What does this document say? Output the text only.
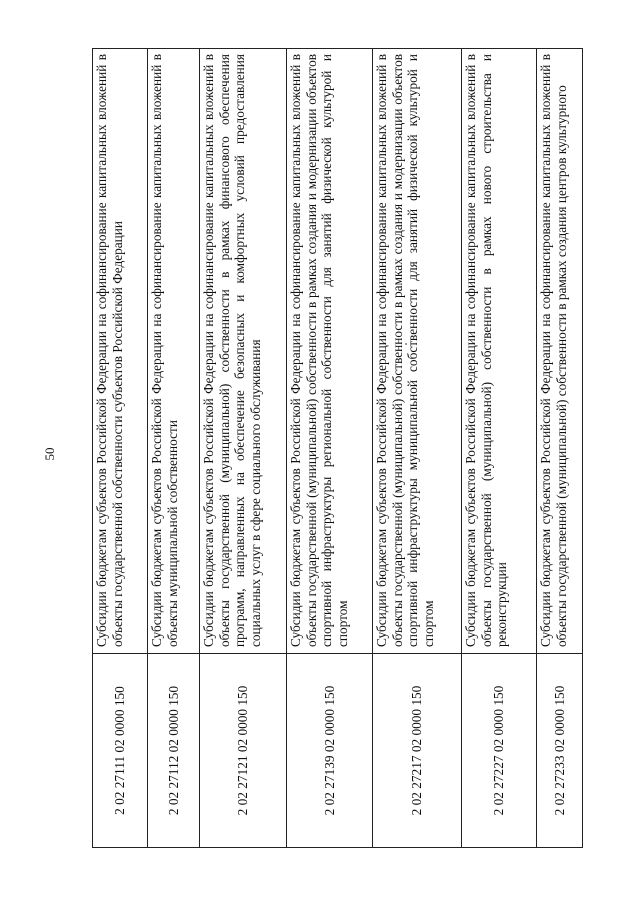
50
2 02 27111 02 0000 150	Субсидии бюджетам субъектов Российской Федерации на софинансирование капитальных вложений в объекты государственной собственности субъектов Российской Федерации
2 02 27112 02 0000 150	Субсидии бюджетам субъектов Российской Федерации на софинансирование капитальных вложений в объекты муниципальной собственности
2 02 27121 02 0000 150	Субсидии бюджетам субъектов Российской Федерации на софинансирование капитальных вложений в объекты государственной (муниципальной) собственности в рамках финансового обеспечения программ, направленных на обеспечение безопасных и комфортных условий предоставления социальных услуг в сфере социального обслуживания
2 02 27139 02 0000 150	Субсидии бюджетам субъектов Российской Федерации на софинансирование капитальных вложений в объекты государственной (муниципальной) собственности в рамках создания и модернизации объектов спортивной инфраструктуры региональной собственности для занятий физической культурой и спортом
2 02 27217 02 0000 150	Субсидии бюджетам субъектов Российской Федерации на софинансирование капитальных вложений в объекты государственной (муниципальной) собственности в рамках создания и модернизации объектов спортивной инфраструктуры муниципальной собственности для занятий физической культурой и спортом
2 02 27227 02 0000 150	Субсидии бюджетам субъектов Российской Федерации на софинансирование капитальных вложений в объекты государственной (муниципальной) собственности в рамках нового строительства и реконструкции
2 02 27233 02 0000 150	Субсидии бюджетам субъектов Российской Федерации на софинансирование капитальных вложений в объекты государственной (муниципальной) собственности в рамках создания центров культурного
